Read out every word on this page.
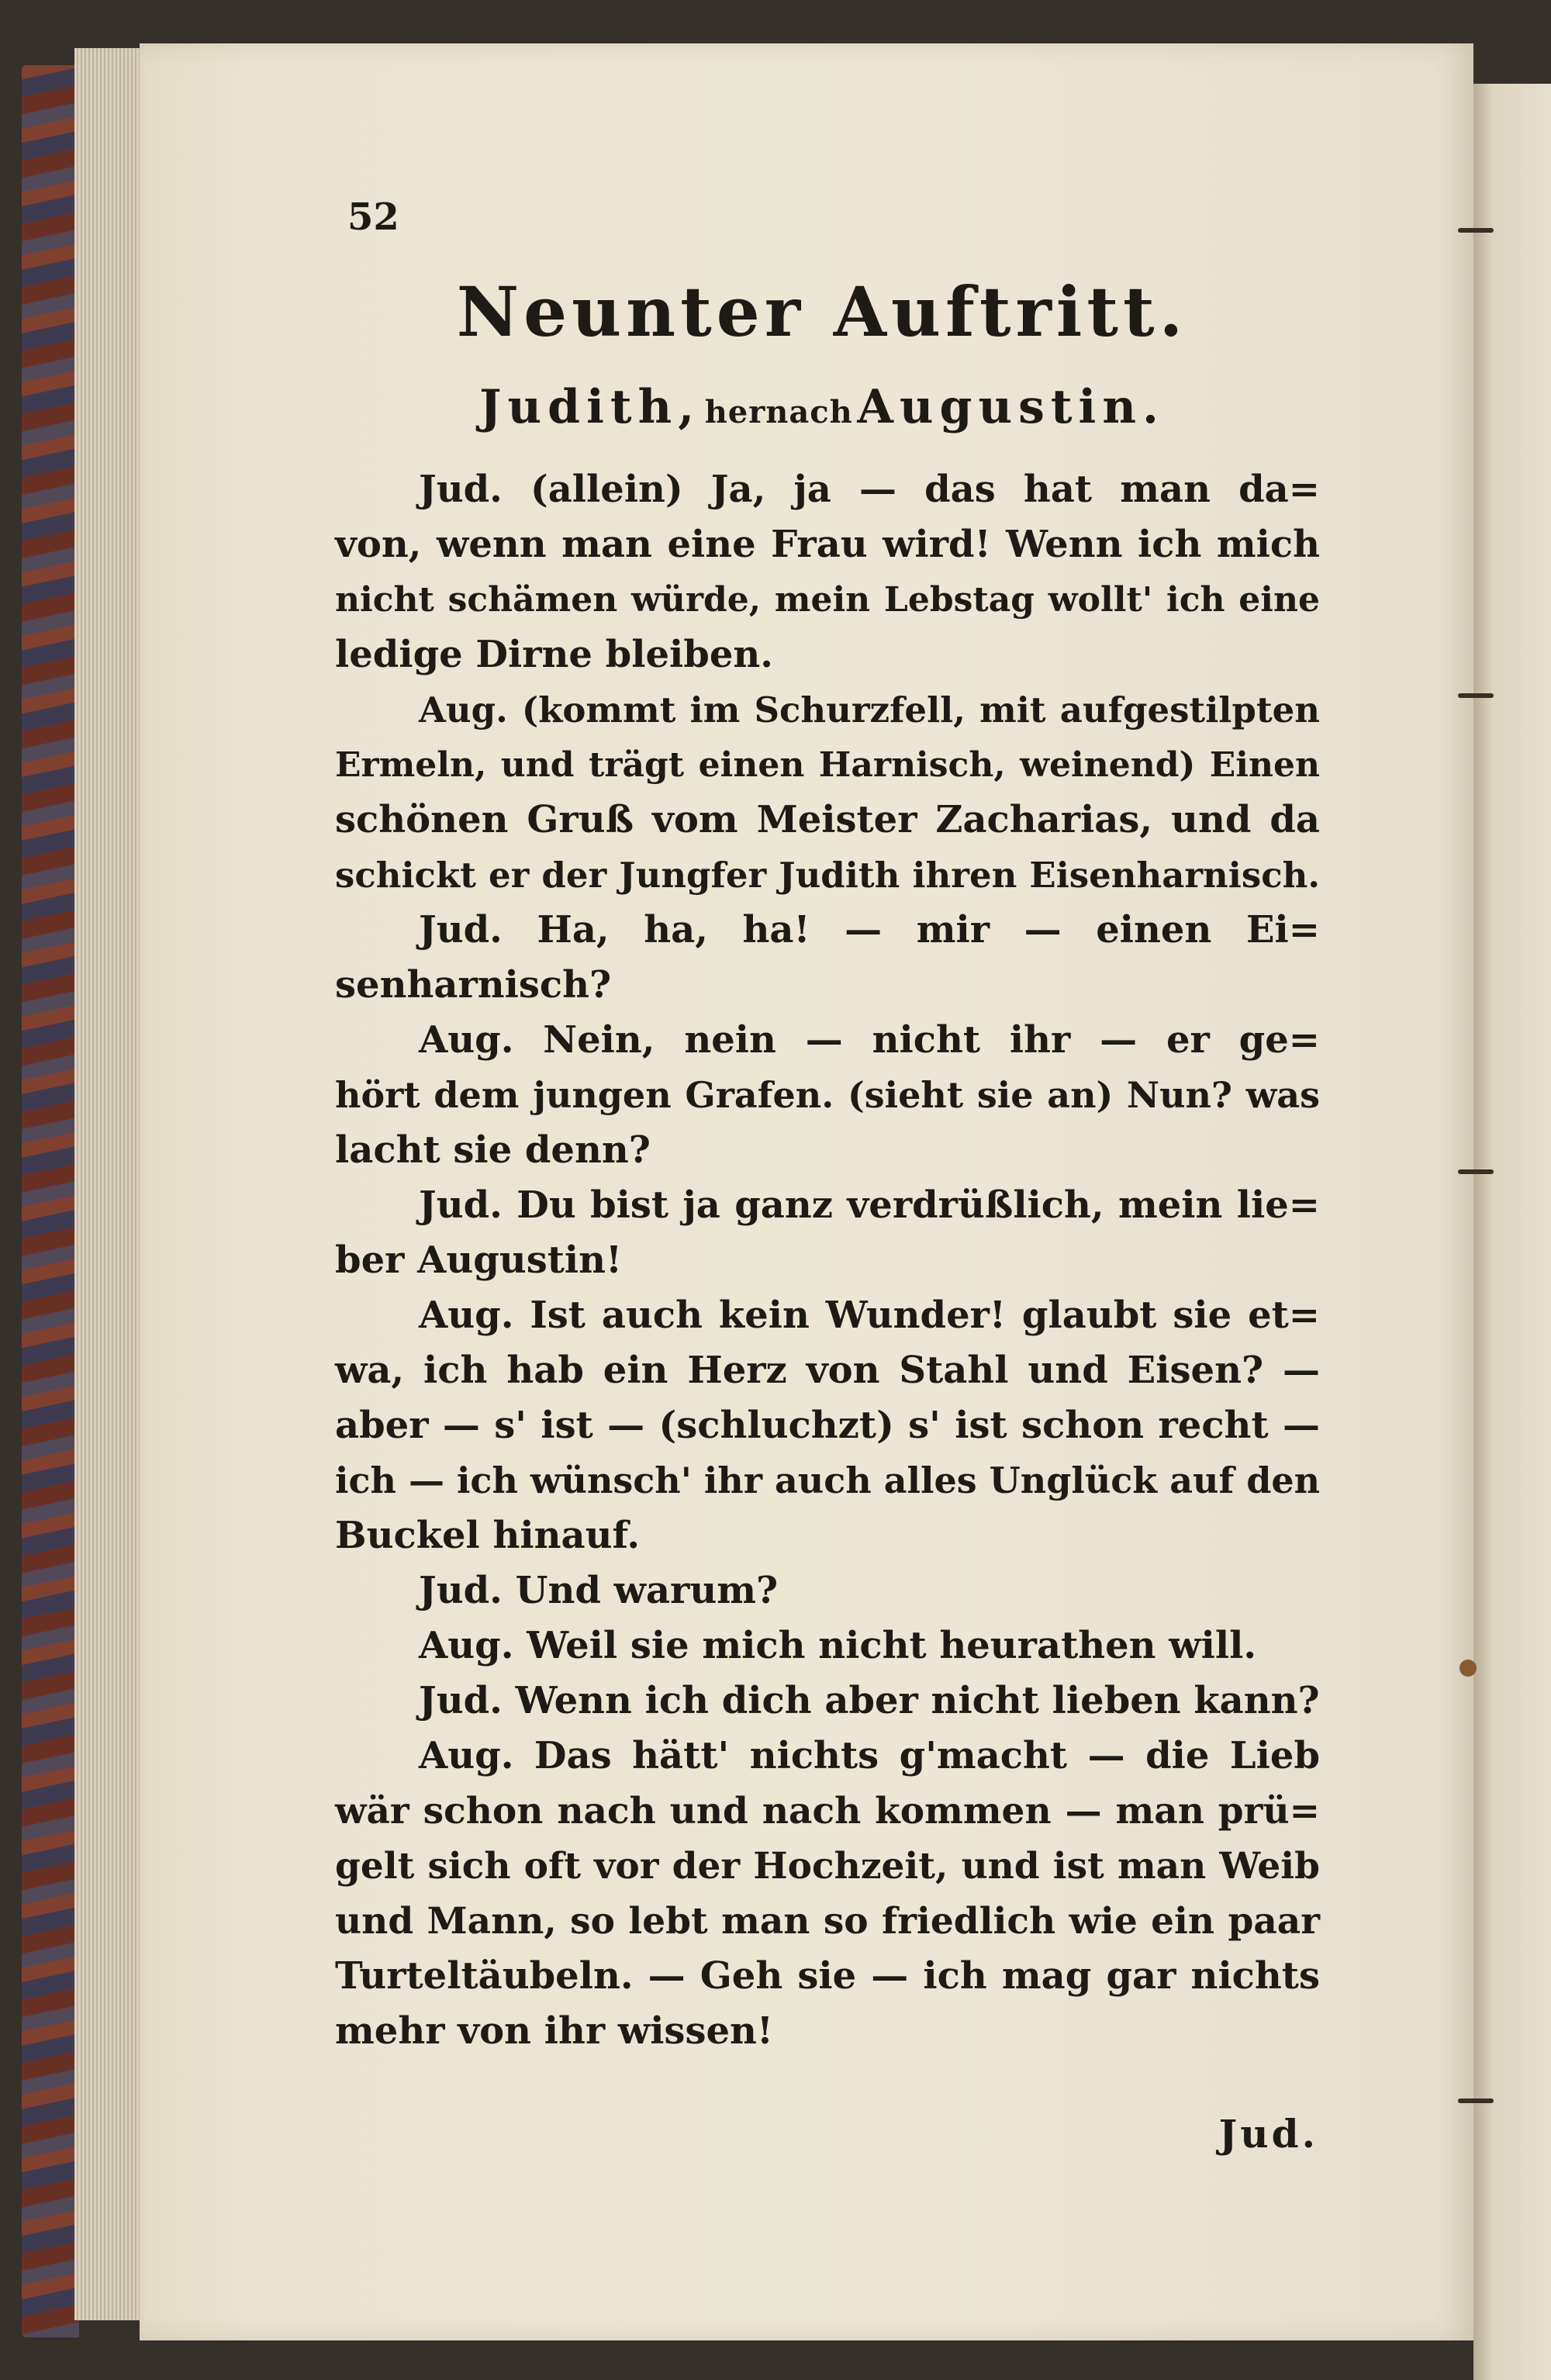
52
Neunter Auftritt.
Judith, hernach Augustin.
Jud. (allein) Ja, ja — das hat man da=
von, wenn man eine Frau wird! Wenn ich mich
nicht schämen würde, mein Lebstag wollt' ich eine
ledige Dirne bleiben.
Aug. (kommt im Schurzfell, mit aufgestilpten
Ermeln, und trägt einen Harnisch, weinend) Einen
schönen Gruß vom Meister Zacharias, und da
schickt er der Jungfer Judith ihren Eisenharnisch.
Jud. Ha, ha, ha! — mir — einen Ei=
senharnisch?
Aug. Nein, nein — nicht ihr — er ge=
hört dem jungen Grafen. (sieht sie an) Nun? was
lacht sie denn?
Jud. Du bist ja ganz verdrüßlich, mein lie=
ber Augustin!
Aug. Ist auch kein Wunder! glaubt sie et=
wa, ich hab ein Herz von Stahl und Eisen? —
aber — s' ist — (schluchzt) s' ist schon recht —
ich — ich wünsch' ihr auch alles Unglück auf den
Buckel hinauf.
Jud. Und warum?
Aug. Weil sie mich nicht heurathen will.
Jud. Wenn ich dich aber nicht lieben kann?
Aug. Das hätt' nichts g'macht — die Lieb
wär schon nach und nach kommen — man prü=
gelt sich oft vor der Hochzeit, und ist man Weib
und Mann, so lebt man so friedlich wie ein paar
Turteltäubeln. — Geh sie — ich mag gar nichts
mehr von ihr wissen!
Jud.
